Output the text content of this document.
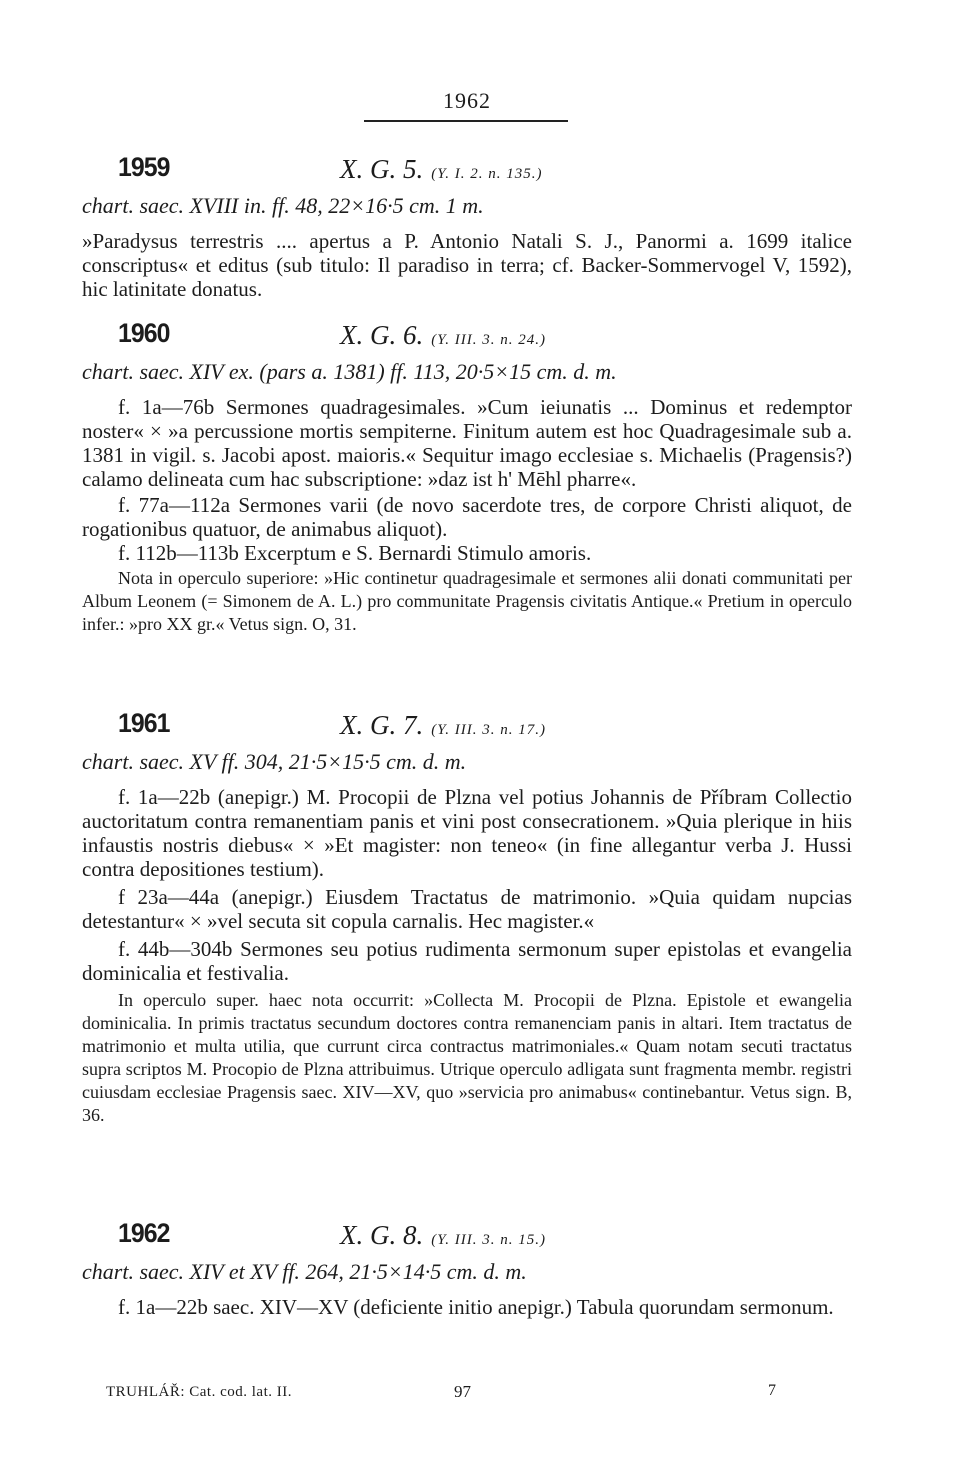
1962
1959	X. G. 5. (Y. I. 2. n. 135.)

chart. saec. XVIII in. ff. 48, 22×16·5 cm. 1 m.

»Paradysus terrestris .... apertus a P. Antonio Natali S. J., Panormi a. 1699 italice conscriptus« et editus (sub titulo: Il paradiso in terra; cf. Backer-Sommervogel V, 1592), hic latinitate donatus.

1960	X. G. 6. (Y. III. 3. n. 24.)

chart. saec. XIV ex. (pars a. 1381) ff. 113, 20·5×15 cm. d. m.

f. 1a—76b Sermones quadragesimales. »Cum ieiunatis ... Dominus et redemptor noster« × »a percussione mortis sempiterne. Finitum autem est hoc Quadragesimale sub a. 1381 in vigil. s. Jacobi apost. maioris.« Sequitur imago ecclesiae s. Michaelis (Pragensis?) calamo delineata cum hac subscriptione: »daz ist h' Mēhl pharre«.

f. 77a—112a Sermones varii (de novo sacerdote tres, de corpore Christi aliquot, de rogationibus quatuor, de animabus aliquot).

f. 112b—113b Excerptum e S. Bernardi Stimulo amoris.

Nota in operculo superiore: »Hic continetur quadragesimale et sermones alii donati communitati per Album Leonem (= Simonem de A. L.) pro communitate Pragensis civitatis Antique.« Pretium in operculo infer.: »pro XX gr.« Vetus sign. O, 31.

1961	X. G. 7. (Y. III. 3. n. 17.)

chart. saec. XV ff. 304, 21·5×15·5 cm. d. m.

f. 1a—22b (anepigr.) M. Procopii de Plzna vel potius Johannis de Příbram Collectio auctoritatum contra remanentiam panis et vini post consecrationem. »Quia plerique in hiis infaustis nostris diebus« × »Et magister: non teneo« (in fine allegantur verba J. Hussi contra depositiones testium).

f 23a—44a (anepigr.) Eiusdem Tractatus de matrimonio. »Quia quidam nupcias detestantur« × »vel secuta sit copula carnalis. Hec magister.«

f. 44b—304b Sermones seu potius rudimenta sermonum super epistolas et evangelia dominicalia et festivalia.

In operculo super. haec nota occurrit: »Collecta M. Procopii de Plzna. Epistole et ewangelia dominicalia. In primis tractatus secundum doctores contra remanenciam panis in altari. Item tractatus de matrimonio et multa utilia, que currunt circa contractus matrimoniales.« Quam notam secuti tractatus supra scriptos M. Procopio de Plzna attribuimus. Utrique operculo adligata sunt fragmenta membr. registri cuiusdam ecclesiae Pragensis saec. XIV—XV, quo »servicia pro animabus« continebantur. Vetus sign. B, 36.

1962	X. G. 8. (Y. III. 3. n. 15.)

chart. saec. XIV et XV ff. 264, 21·5×14·5 cm. d. m.

f. 1a—22b saec. XIV—XV (deficiente initio anepigr.) Tabula quorundam sermonum.

TRUHLÁŘ: Cat. cod. lat. II.	97	7
